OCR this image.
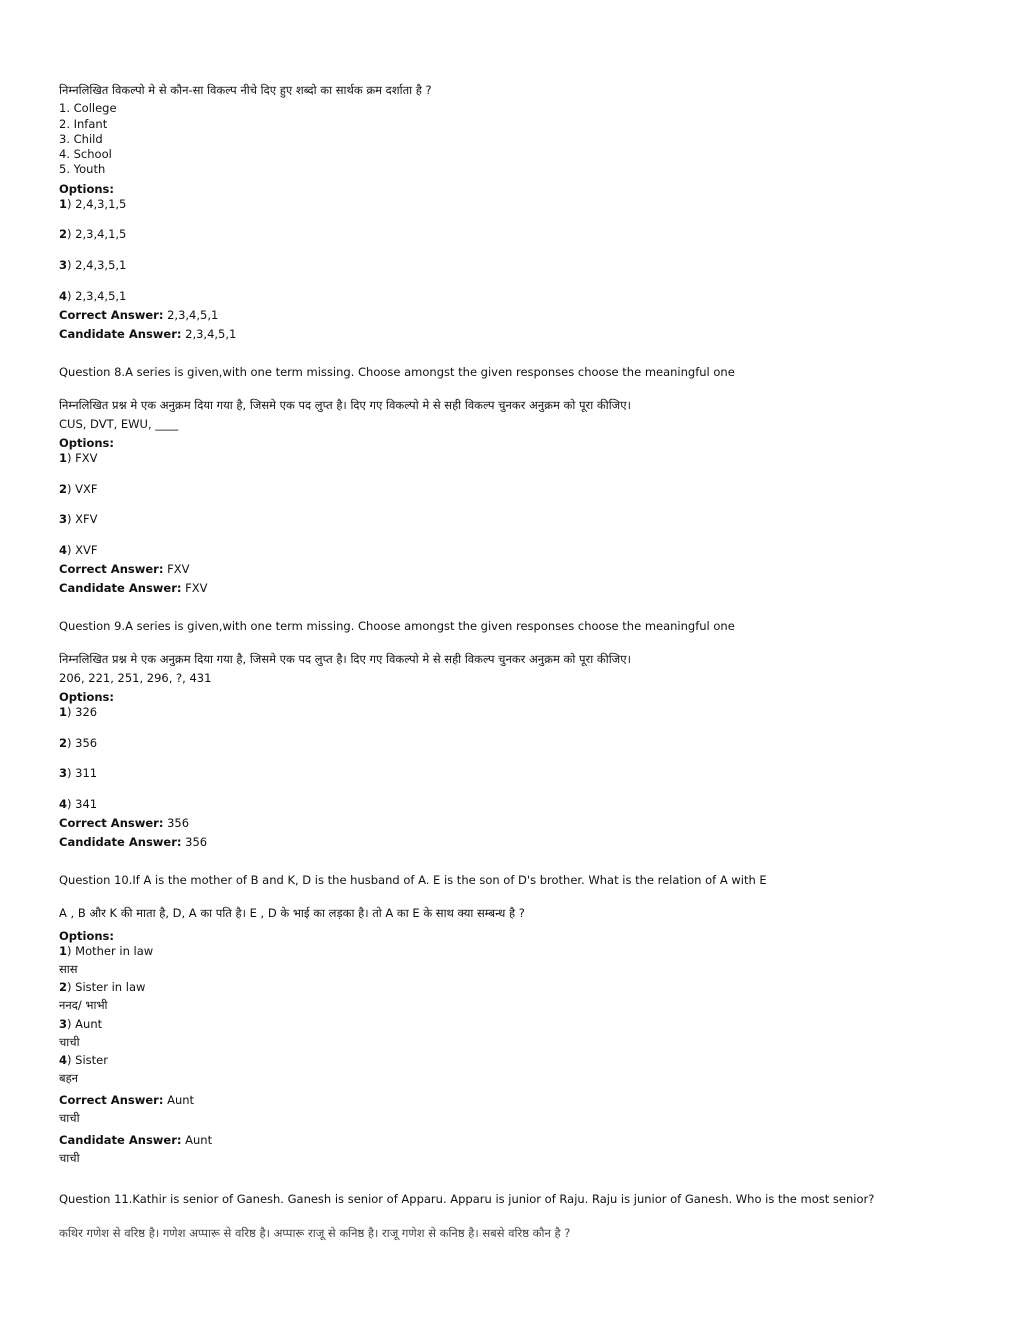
निम्नलिखित विकल्पो मे से कौन-सा विकल्प नीचे दिए हुए शब्दो का सार्थक क्रम दर्शाता है ?
1. College
2. Infant
3. Child
4. School
5. Youth
Options:
1) 2,4,3,1,5
2) 2,3,4,1,5
3) 2,4,3,5,1
4) 2,3,4,5,1
Correct Answer: 2,3,4,5,1
Candidate Answer: 2,3,4,5,1
Question 8.A series is given,with one term missing. Choose amongst the given responses choose the meaningful one
निम्नलिखित प्रश्न मे एक अनुक्रम दिया गया है, जिसमे एक पद लुप्त है। दिए गए विकल्पो मे से सही विकल्प चुनकर अनुक्रम को पूरा कीजिए।
CUS, DVT, EWU, ____
Options:
1) FXV
2) VXF
3) XFV
4) XVF
Correct Answer: FXV
Candidate Answer: FXV
Question 9.A series is given,with one term missing. Choose amongst the given responses choose the meaningful one
निम्नलिखित प्रश्न मे एक अनुक्रम दिया गया है, जिसमे एक पद लुप्त है। दिए गए विकल्पो मे से सही विकल्प चुनकर अनुक्रम को पूरा कीजिए।
206, 221, 251, 296, ?, 431
Options:
1) 326
2) 356
3) 311
4) 341
Correct Answer: 356
Candidate Answer: 356
Question 10.If A is the mother of B and K, D is the husband of A. E is the son of D's brother. What is the relation of A with E
A , B और K की माता है, D, A का पति है। E , D के भाई का लड़का है। तो A का E के साथ क्या सम्बन्ध है ?
Options:
1) Mother in law
सास
2) Sister in law
ननद/ भाभी
3) Aunt
चाची
4) Sister
बहन
Correct Answer: Aunt
चाची
Candidate Answer: Aunt
चाची
Question 11.Kathir is senior of Ganesh. Ganesh is senior of Apparu. Apparu is junior of Raju. Raju is junior of Ganesh. Who is the most senior?
कथिर गणेश से वरिष्ठ है। गणेश अप्पारू से वरिष्ठ है। अप्पारू राजू से कनिष्ठ है। राजू गणेश से कनिष्ठ है। सबसे वरिष्ठ कौन है ?
